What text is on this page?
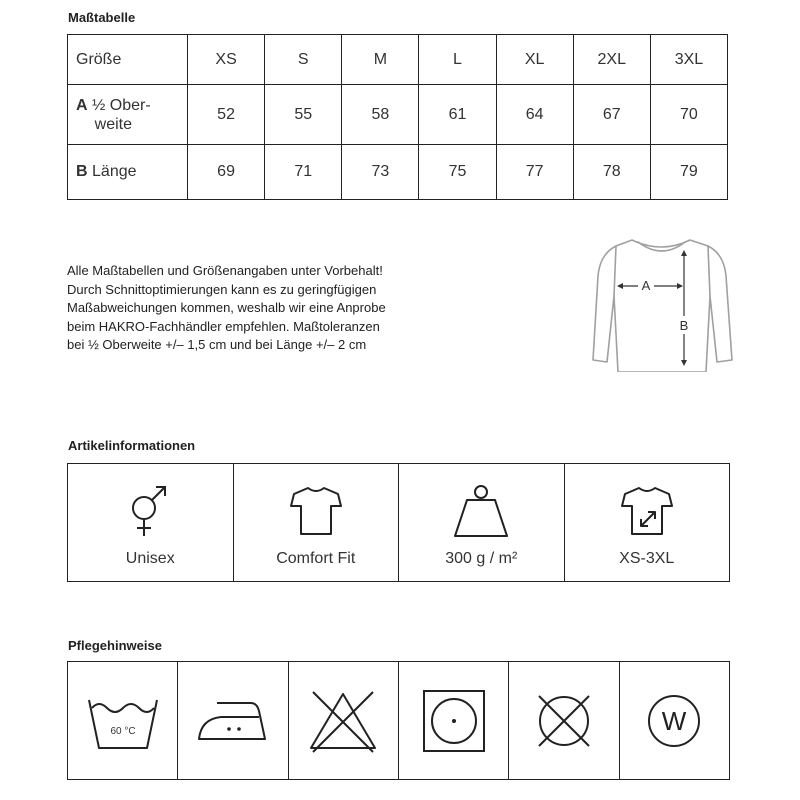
Maßtabelle
Größe	XS	S	M	L	XL	2XL	3XL
A ½ Ober-
weite	52	55	58	61	64	67	70
B Länge	69	71	73	75	77	78	79
Alle Maßtabellen und Größenangaben unter Vorbehalt!
Durch Schnittoptimierungen kann es zu geringfügigen
Maßabweichungen kommen, weshalb wir eine Anprobe
beim HAKRO-Fachhändler empfehlen. Maßtoleranzen
bei ½ Oberweite +/– 1,5 cm und bei Länge +/– 2 cm
A
B
Artikelinformationen
Unisex	Comfort Fit	300 g / m²	XS-3XL
Pflegehinweise
60 °C	W
